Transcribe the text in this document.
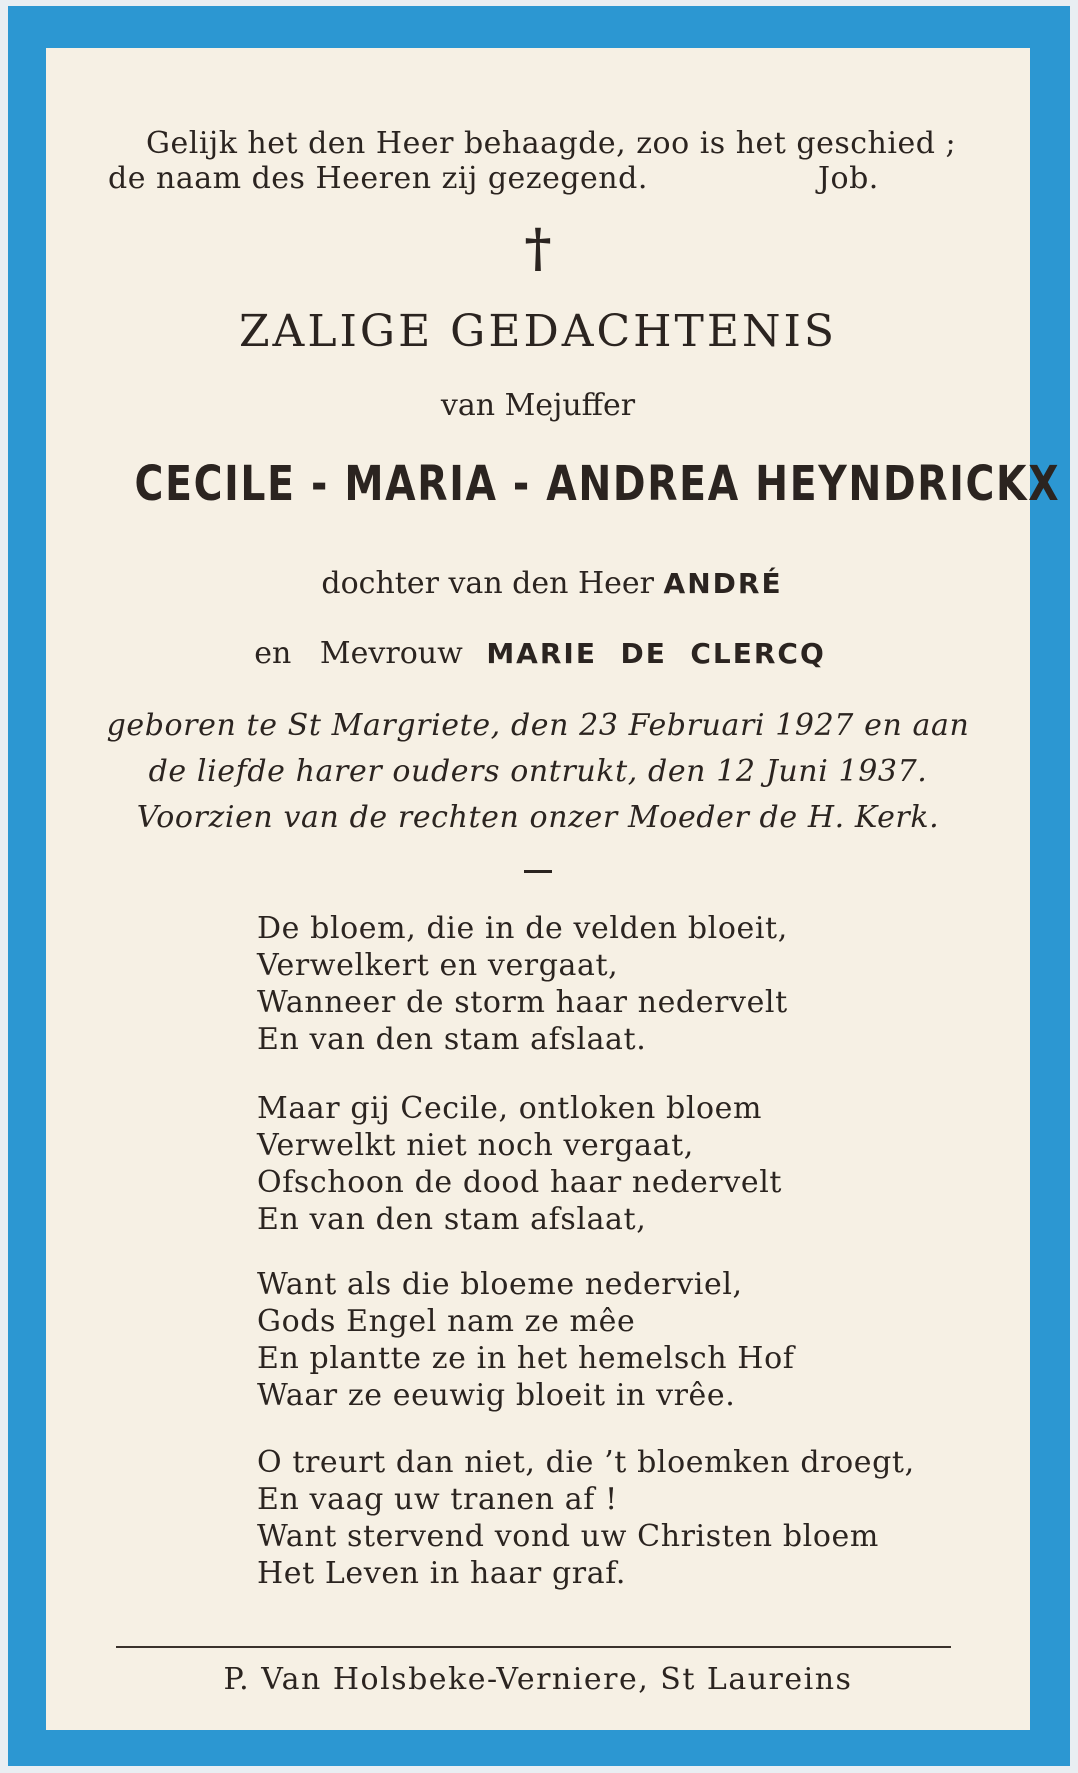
Gelijk het den Heer behaagde, zoo is het geschied ;
de naam des Heeren zij gezegend.	Job.
†
ZALIGE GEDACHTENIS
van Mejuffer
CECILE - MARIA - ANDREA HEYNDRICKX
dochter van den Heer ANDRÉ
en   Mevrouw MARIE  DE  CLERCQ
geboren te St Margriete, den 23 Februari 1927 en aan
de liefde harer ouders ontrukt, den 12 Juni 1937.
Voorzien van de rechten onzer Moeder de H. Kerk.
De bloem, die in de velden bloeit,
Verwelkert en vergaat,
Wanneer de storm haar nedervelt
En van den stam afslaat.
Maar gij Cecile, ontloken bloem
Verwelkt niet noch vergaat,
Ofschoon de dood haar nedervelt
En van den stam afslaat,
Want als die bloeme nederviel,
Gods Engel nam ze mêe
En plantte ze in het hemelsch Hof
Waar ze eeuwig bloeit in vrêe.
O treurt dan niet, die ’t bloemken droegt,
En vaag uw tranen af !
Want stervend vond uw Christen bloem
Het Leven in haar graf.
P. Van Holsbeke-Verniere, St Laureins
